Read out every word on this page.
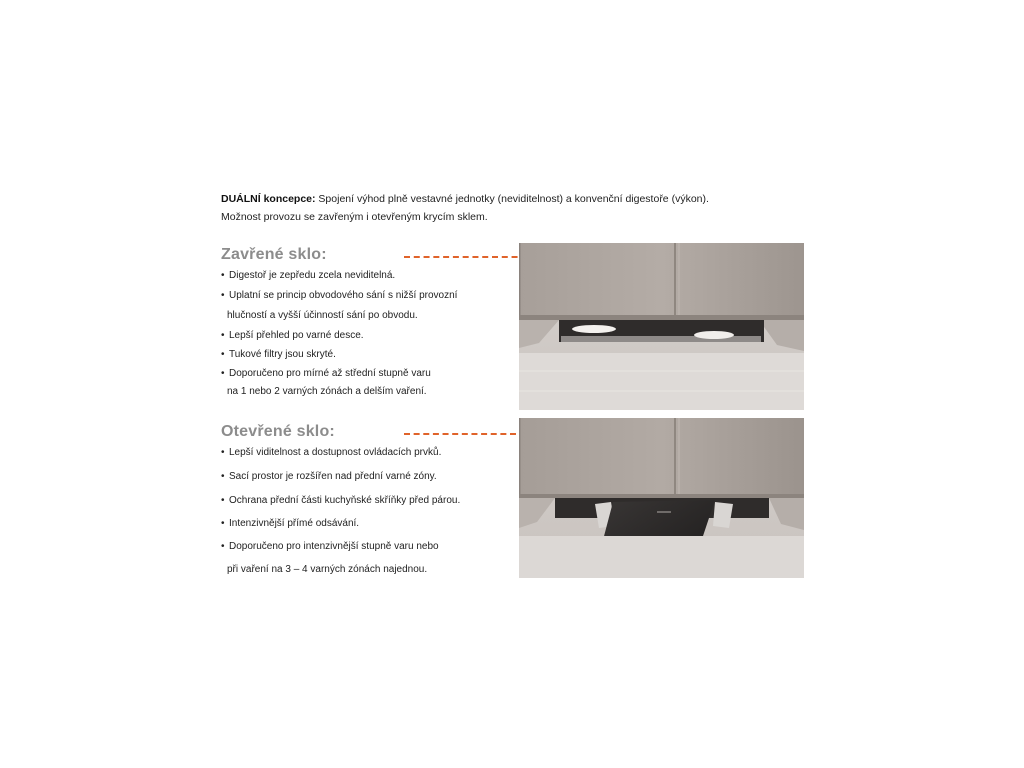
DUÁLNÍ koncepce: Spojení výhod plně vestavné jednotky (neviditelnost) a konvenční digestoře (výkon).
Možnost provozu se zavřeným i otevřeným krycím sklem.
Zavřené sklo:
• Digestoř je zepředu zcela neviditelná.
• Uplatní se princip obvodového sání s nižší provozní
hlučností a vyšší účinností sání po obvodu.
• Lepší přehled po varné desce.
• Tukové filtry jsou skryté.
• Doporučeno pro mírné až střední stupně varu
na 1 nebo 2 varných zónách a delším vaření.
Otevřené sklo:
• Lepší viditelnost a dostupnost ovládacích prvků.
• Sací prostor je rozšířen nad přední varné zóny.
• Ochrana přední části kuchyňské skříňky před párou.
• Intenzivnější přímé odsávání.
• Doporučeno pro intenzivnější stupně varu nebo
při vaření na 3 – 4 varných zónách najednou.
